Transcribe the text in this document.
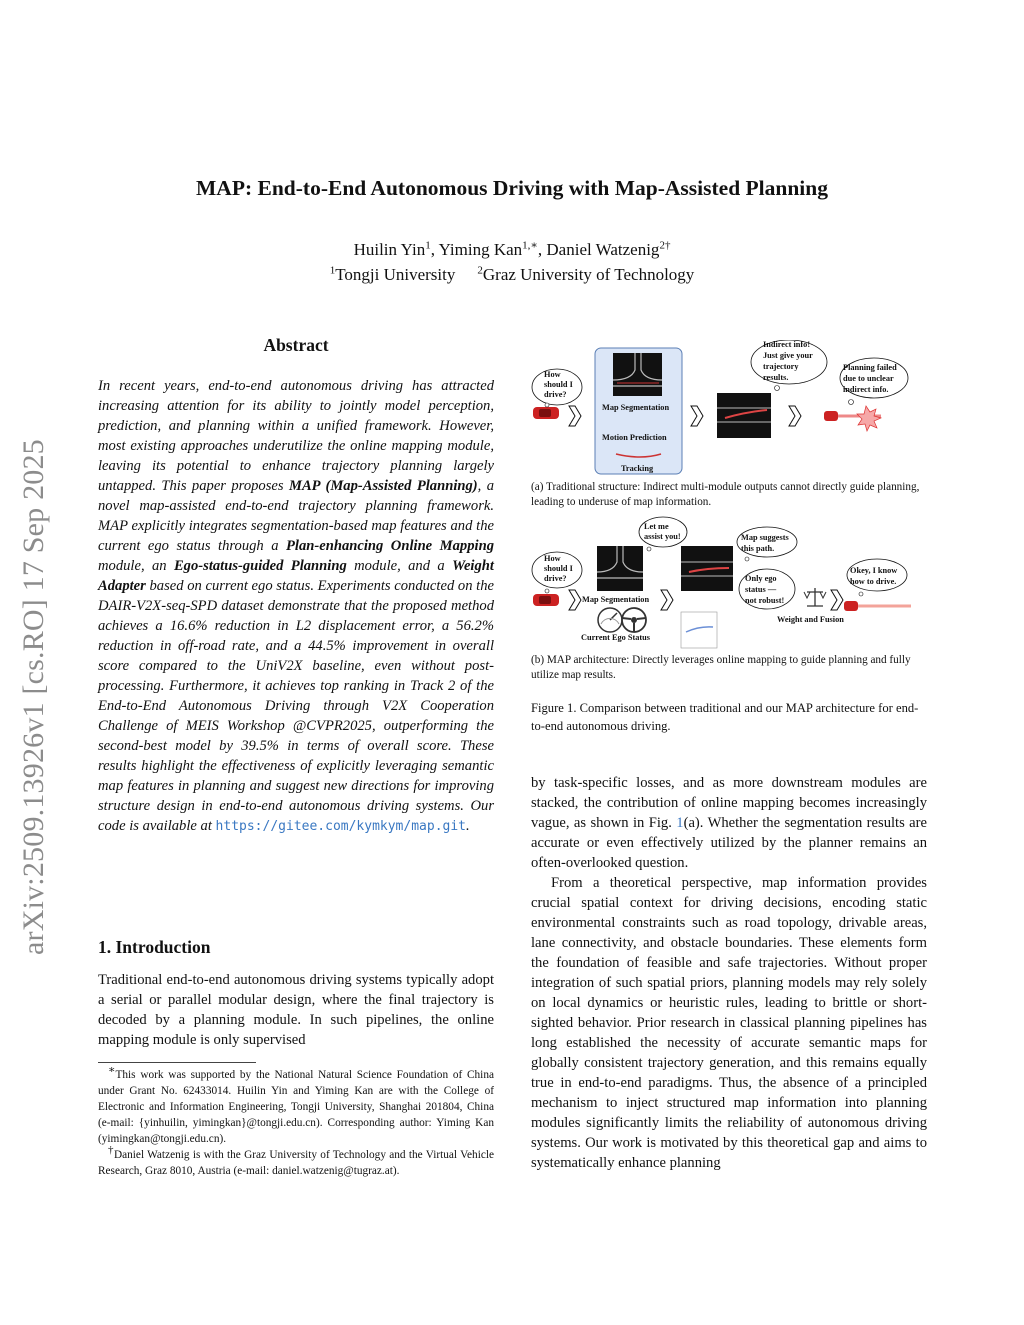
arXiv:2509.13926v1 [cs.RO] 17 Sep 2025
MAP: End-to-End Autonomous Driving with Map-Assisted Planning
Huilin Yin$^1$, Yiming Kan$^{1,∗}$, Daniel Watzenig$^{2\dagger}$
$^1$Tongji University $^2$Graz University of Technology
Abstract
In recent years, end-to-end autonomous driving has attracted increasing attention for its ability to jointly model perception, prediction, and planning within a unified framework. However, most existing approaches underutilize the online mapping module, leaving its potential to enhance trajectory planning largely untapped. This paper proposes MAP (Map-Assisted Planning), a novel map-assisted end-to-end trajectory planning framework. MAP explicitly integrates segmentation-based map features and the current ego status through a Plan-enhancing Online Mapping module, an Ego-status-guided Planning module, and a Weight Adapter based on current ego status. Experiments conducted on the DAIR-V2X-seq-SPD dataset demonstrate that the proposed method achieves a 16.6% reduction in L2 displacement error, a 56.2% reduction in off-road rate, and a 44.5% improvement in overall score compared to the UniV2X baseline, even without post-processing. Furthermore, it achieves top ranking in Track 2 of the End-to-End Autonomous Driving through V2X Cooperation Challenge of MEIS Workshop @CVPR2025, outperforming the second-best model by 39.5% in terms of overall score. These results highlight the effectiveness of explicitly leveraging semantic map features in planning and suggest new directions for improving structure design in end-to-end autonomous driving systems. Our code is available at https://gitee.com/kymkym/map.git.
1. Introduction
Traditional end-to-end autonomous driving systems typically adopt a serial or parallel modular design, where the final trajectory is decoded by a planning module. In such pipelines, the online mapping module is only supervised

∗This work was supported by the National Natural Science Foundation of China under Grant No. 62433014. Huilin Yin and Yiming Kan are with the College of Electronic and Information Engineering, Tongji University, Shanghai 201804, China (e-mail: {yinhuilin, yimingkan}@tongji.edu.cn). Corresponding author: Yiming Kan (yimingkan@tongji.edu.cn).

†Daniel Watzenig is with the Graz University of Technology and the Virtual Vehicle Research, Graz 8010, Austria (e-mail: daniel.watzenig@tugraz.at).

How
should I
drive?
Map Segmentation
Motion Prediction
Tracking
Indirect info!
Just give your
trajectory
results.
Planning failed
due to unclear
indirect info.
How
should I
drive?
Let me
assist you!
Map Segmentation
Current Ego Status
Map suggests
this path.
Only ego
status —
not robust!
Weight and Fusion
Okey, I know
how to drive.
(a) Traditional structure: Indirect multi-module outputs cannot directly guide planning, leading to underuse of map information.
(b) MAP architecture: Directly leverages online mapping to guide planning and fully utilize map results.
Figure 1. Comparison between traditional and our MAP architecture for end-to-end autonomous driving.

by task-specific losses, and as more downstream modules are stacked, the contribution of online mapping becomes increasingly vague, as shown in Fig. 1(a). Whether the segmentation results are accurate or even effectively utilized by the planner remains an often-overlooked question.

From a theoretical perspective, map information provides crucial spatial context for driving decisions, encoding static environmental constraints such as road topology, drivable areas, lane connectivity, and obstacle boundaries. These elements form the foundation of feasible and safe trajectories. Without proper integration of such spatial priors, planning models may rely solely on local dynamics or heuristic rules, leading to brittle or short-sighted behavior. Prior research in classical planning pipelines has long established the necessity of accurate semantic maps for globally consistent trajectory generation, and this remains equally true in end-to-end paradigms. Thus, the absence of a principled mechanism to inject structured map information into planning modules significantly limits the reliability of autonomous driving systems. Our work is motivated by this theoretical gap and aims to systematically enhance planning
